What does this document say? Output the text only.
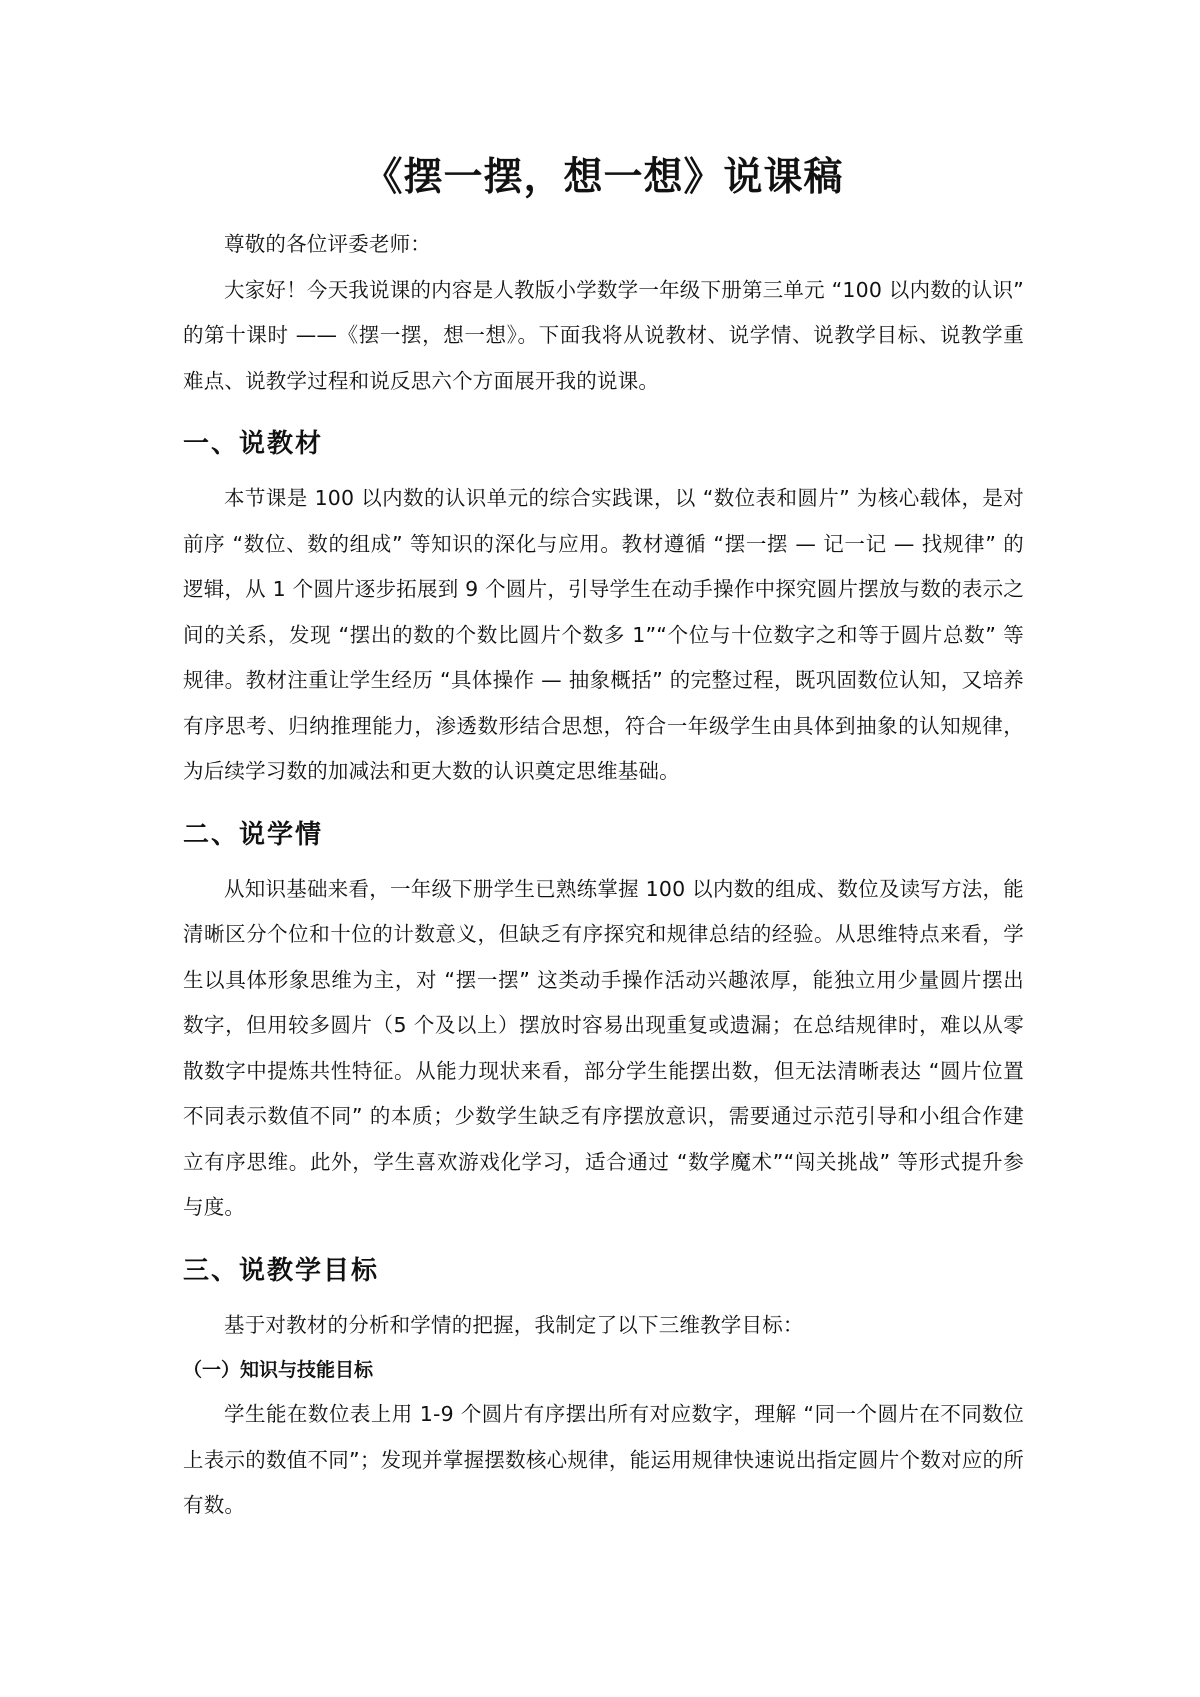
《摆一摆，想一想》说课稿

尊敬的各位评委老师：

大家好！今天我说课的内容是人教版小学数学一年级下册第三单元 “100 以内数的认识” 的第十课时 ——《摆一摆，想一想》。下面我将从说教材、说学情、说教学目标、说教学重难点、说教学过程和说反思六个方面展开我的说课。

一、说教材

本节课是 100 以内数的认识单元的综合实践课，以 “数位表和圆片” 为核心载体，是对前序 “数位、数的组成” 等知识的深化与应用。教材遵循 “摆一摆 — 记一记 — 找规律” 的逻辑，从 1 个圆片逐步拓展到 9 个圆片，引导学生在动手操作中探究圆片摆放与数的表示之间的关系，发现 “摆出的数的个数比圆片个数多 1”“个位与十位数字之和等于圆片总数” 等规律。教材注重让学生经历 “具体操作 — 抽象概括” 的完整过程，既巩固数位认知，又培养有序思考、归纳推理能力，渗透数形结合思想，符合一年级学生由具体到抽象的认知规律，为后续学习数的加减法和更大数的认识奠定思维基础。

二、说学情

从知识基础来看，一年级下册学生已熟练掌握 100 以内数的组成、数位及读写方法，能清晰区分个位和十位的计数意义，但缺乏有序探究和规律总结的经验。从思维特点来看，学生以具体形象思维为主，对 “摆一摆” 这类动手操作活动兴趣浓厚，能独立用少量圆片摆出数字，但用较多圆片（5 个及以上）摆放时容易出现重复或遗漏；在总结规律时，难以从零散数字中提炼共性特征。从能力现状来看，部分学生能摆出数，但无法清晰表达 “圆片位置不同表示数值不同” 的本质；少数学生缺乏有序摆放意识，需要通过示范引导和小组合作建立有序思维。此外，学生喜欢游戏化学习，适合通过 “数学魔术”“闯关挑战” 等形式提升参与度。

三、说教学目标

基于对教材的分析和学情的把握，我制定了以下三维教学目标：

（一）知识与技能目标

学生能在数位表上用 1-9 个圆片有序摆出所有对应数字，理解 “同一个圆片在不同数位上表示的数值不同”；发现并掌握摆数核心规律，能运用规律快速说出指定圆片个数对应的所有数。
